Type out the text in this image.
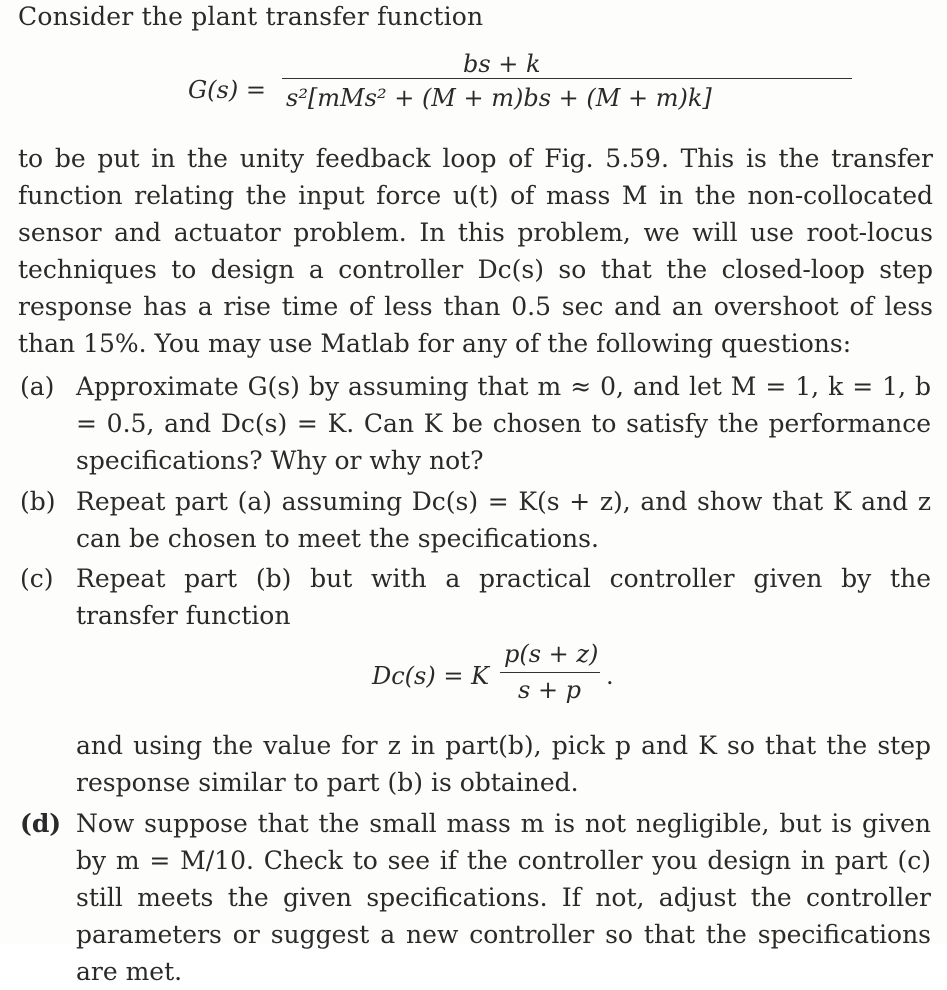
Consider the plant transfer function
G(s) =
bs + k
s²[mMs² + (M + m)bs + (M + m)k]
to be put in the unity feedback loop of Fig. 5.59. This is the transfer function relating the input force u(t) of mass M in the non-collocated sensor and actuator problem. In this problem, we will use root-locus techniques to design a controller Dc(s) so that the closed-loop step response has a rise time of less than 0.5 sec and an overshoot of less than 15%. You may use Matlab for any of the following questions:
(a) Approximate G(s) by assuming that m ≈ 0, and let M = 1, k = 1, b = 0.5, and Dc(s) = K. Can K be chosen to satisfy the performance specifications? Why or why not?
(b) Repeat part (a) assuming Dc(s) = K(s + z), and show that K and z can be chosen to meet the specifications.
(c) Repeat part (b) but with a practical controller given by the transfer function
Dc(s) = K
p(s + z)
s + p .
and using the value for z in part(b), pick p and K so that the step response similar to part (b) is obtained.
(d) Now suppose that the small mass m is not negligible, but is given by m = M/10. Check to see if the controller you design in part (c) still meets the given specifications. If not, adjust the controller parameters or suggest a new controller so that the specifications are met.
